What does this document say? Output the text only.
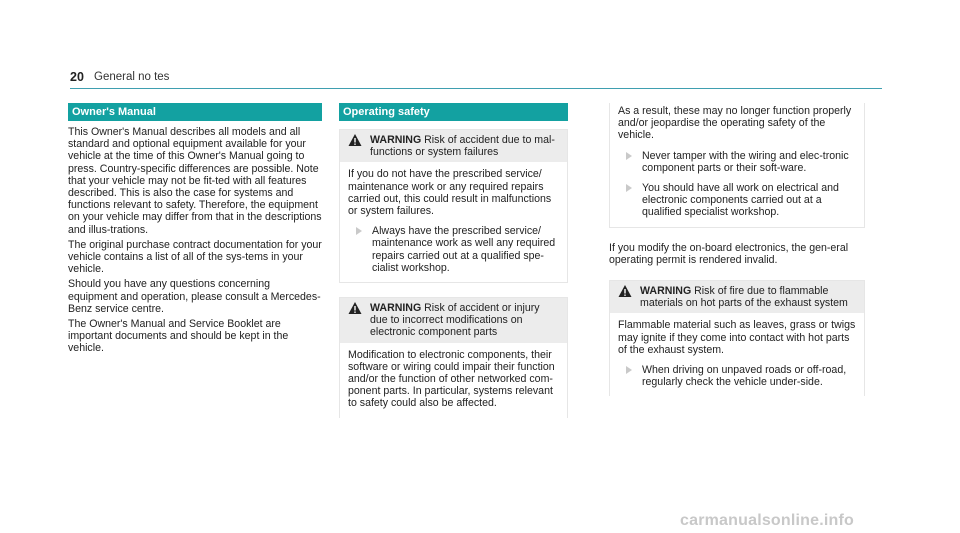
20 General no tes
Owner's Manual

This Owner's Manual describes all models and all standard and optional equipment available for your vehicle at the time of this Owner's Manual going to press. Country-specific differences are possible. Note that your vehicle may not be fit-ted with all features described. This is also the case for systems and functions relevant to safety. Therefore, the equipment on your vehicle may differ from that in the descriptions and illus-trations.

The original purchase contract documentation for your vehicle contains a list of all of the sys-tems in your vehicle.

Should you have any questions concerning equipment and operation, please consult a Mercedes-Benz service centre.

The Owner's Manual and Service Booklet are important documents and should be kept in the vehicle.

Operating safety
WARNING Risk of accident due to mal-functions or system failures
If you do not have the prescribed service/ maintenance work or any required repairs carried out, this could result in malfunctions or system failures.
Always have the prescribed service/ maintenance work as well any required repairs carried out at a qualified spe-cialist workshop.
WARNING Risk of accident or injury due to incorrect modifications on electronic component parts
Modification to electronic components, their software or wiring could impair their function and/or the function of other networked com-ponent parts. In particular, systems relevant to safety could also be affected.
As a result, these may no longer function properly and/or jeopardise the operating safety of the vehicle.
Never tamper with the wiring and elec-tronic component parts or their soft-ware.
You should have all work on electrical and electronic components carried out at a qualified specialist workshop.

If you modify the on-board electronics, the gen-eral operating permit is rendered invalid.

WARNING Risk of fire due to flammable materials on hot parts of the exhaust system
Flammable material such as leaves, grass or twigs may ignite if they come into contact with hot parts of the exhaust system.
When driving on unpaved roads or off-road, regularly check the vehicle under-side.
carmanualsonline.info
